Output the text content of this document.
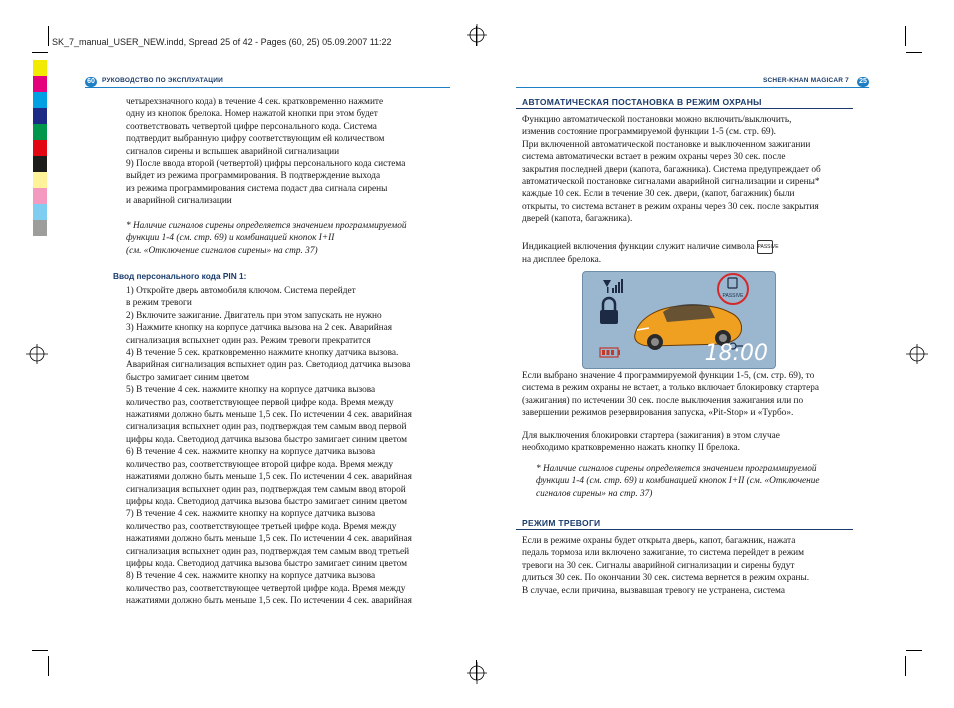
SK_7_manual_USER_NEW.indd, Spread 25 of 42 - Pages (60, 25) 05.09.2007 11:22
60	РУКОВОДСТВО ПО ЭКСПЛУАТАЦИИ	SCHER-KHAN MAGICAR 7 25

четырехзначного кода) в течение 4 сек. кратковременно нажмите

одну из кнопок брелока. Номер нажатой кнопки при этом будет

соответствовать четвертой цифре персонального кода. Система

подтвердит выбранную цифру соответствующим ей количеством

сигналов сирены и вспышек аварийной сигнализации

9) После ввода второй (четвертой) цифры персонального кода система

выйдет из режима программирования. В подтверждение выхода

из режима программирования система подаст два сигнала сирены

и аварийной сигнализации

* Наличие сигналов сирены определяется значением программируемой

функции 1-4 (см. стр. 69) и комбинацией кнопок I+II

(см. «Отключение сигналов сирены» на стр. 37)

Ввод персонального кода PIN 1:

1) Откройте дверь автомобиля ключом. Система перейдет

в режим тревоги

2) Включите зажигание. Двигатель при этом запускать не нужно

3) Нажмите кнопку на корпусе датчика вызова на 2 сек. Аварийная

сигнализация вспыхнет один раз. Режим тревоги прекратится

4) В течение 5 сек. кратковременно нажмите кнопку датчика вызова.

Аварийная сигнализация вспыхнет один раз. Светодиод датчика вызова

быстро замигает синим цветом

5) В течение 4 сек. нажмите кнопку на корпусе датчика вызова

количество раз, соответствующее первой цифре кода. Время между

нажатиями должно быть меньше 1,5 сек. По истечении 4 сек. аварийная

сигнализация вспыхнет один раз, подтверждая тем самым ввод первой

цифры кода. Светодиод датчика вызова быстро замигает синим цветом

6) В течение 4 сек. нажмите кнопку на корпусе датчика вызова

количество раз, соответствующее второй цифре кода. Время между

нажатиями должно быть меньше 1,5 сек. По истечении 4 сек. аварийная

сигнализация вспыхнет один раз, подтверждая тем самым ввод второй

цифры кода. Светодиод датчика вызова быстро замигает синим цветом

7) В течение 4 сек. нажмите кнопку на корпусе датчика вызова

количество раз, соответствующее третьей цифре кода. Время между

нажатиями должно быть меньше 1,5 сек. По истечении 4 сек. аварийная

сигнализация вспыхнет один раз, подтверждая тем самым ввод третьей

цифры кода. Светодиод датчика вызова быстро замигает синим цветом

8) В течение 4 сек. нажмите кнопку на корпусе датчика вызова

количество раз, соответствующее четвертой цифре кода. Время между

нажатиями должно быть меньше 1,5 сек. По истечении 4 сек. аварийная

АВТОМАТИЧЕСКАЯ ПОСТАНОВКА В РЕЖИМ ОХРАНЫ

Функцию автоматической постановки можно включить/выключить,

изменив состояние программируемой функции 1-5 (см. стр. 69).

При включенной автоматической постановке и выключенном зажигании

система автоматически встает в режим охраны через 30 сек. после

закрытия последней двери (капота, багажника). Система предупреждает об

автоматической постановке сигналами аварийной сигнализации и сирены*

каждые 10 сек. Если в течение 30 сек. двери, (капот, багажник) были

открыты, то система встанет в режим охраны через 30 сек. после закрытия

дверей (капота, багажника).

Индикацией включения функции служит наличие символа PASSIVE

на дисплее брелока.

PASSIVE
18:00

Если выбрано значение 4 программируемой функции 1-5, (см. стр. 69), то

система в режим охраны не встает, а только включает блокировку стартера

(зажигания) по истечении 30 сек. после выключения зажигания или по

завершении режимов резервирования запуска, «Pit-Stop» и «Турбо».

Для выключения блокировки стартера (зажигания) в этом случае

необходимо кратковременно нажать кнопку II брелока.

* Наличие сигналов сирены определяется значением программируемой

функции 1-4 (см. стр. 69) и комбинацией кнопок I+II (см. «Отключение

сигналов сирены» на стр. 37)

РЕЖИМ ТРЕВОГИ

Если в режиме охраны будет открыта дверь, капот, багажник, нажата

педаль тормоза или включено зажигание, то система перейдет в режим

тревоги на 30 сек. Сигналы аварийной сигнализации и сирены будут

длиться 30 сек. По окончании 30 сек. система вернется в режим охраны.

В случае, если причина, вызвавшая тревогу не устранена, система
